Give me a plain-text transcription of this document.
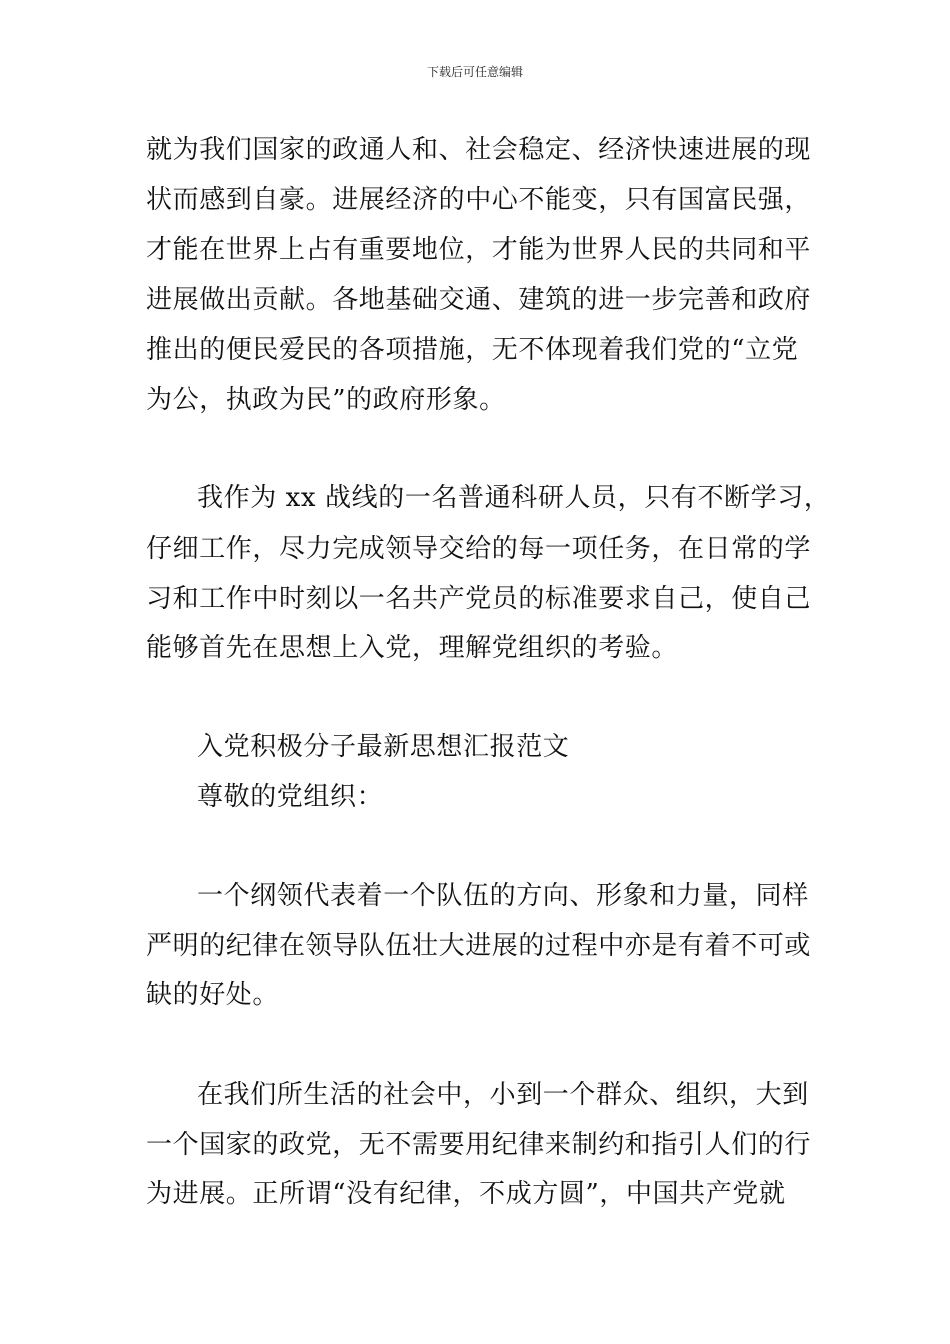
下载后可任意编辑
就为我们国家的政通人和、社会稳定、经济快速进展的现
状而感到自豪。进展经济的中心不能变，只有国富民强，
才能在世界上占有重要地位，才能为世界人民的共同和平
进展做出贡献。各地基础交通、建筑的进一步完善和政府
推出的便民爱民的各项措施，无不体现着我们党的“立党
为公，执政为民”的政府形象。
我作为 xx 战线的一名普通科研人员，只有不断学习，
仔细工作，尽力完成领导交给的每一项任务，在日常的学
习和工作中时刻以一名共产党员的标准要求自己，使自己
能够首先在思想上入党，理解党组织的考验。
入党积极分子最新思想汇报范文
尊敬的党组织：
一个纲领代表着一个队伍的方向、形象和力量，同样
严明的纪律在领导队伍壮大进展的过程中亦是有着不可或
缺的好处。
在我们所生活的社会中，小到一个群众、组织，大到
一个国家的政党，无不需要用纪律来制约和指引人们的行
为进展。正所谓“没有纪律，不成方圆”，中国共产党就
